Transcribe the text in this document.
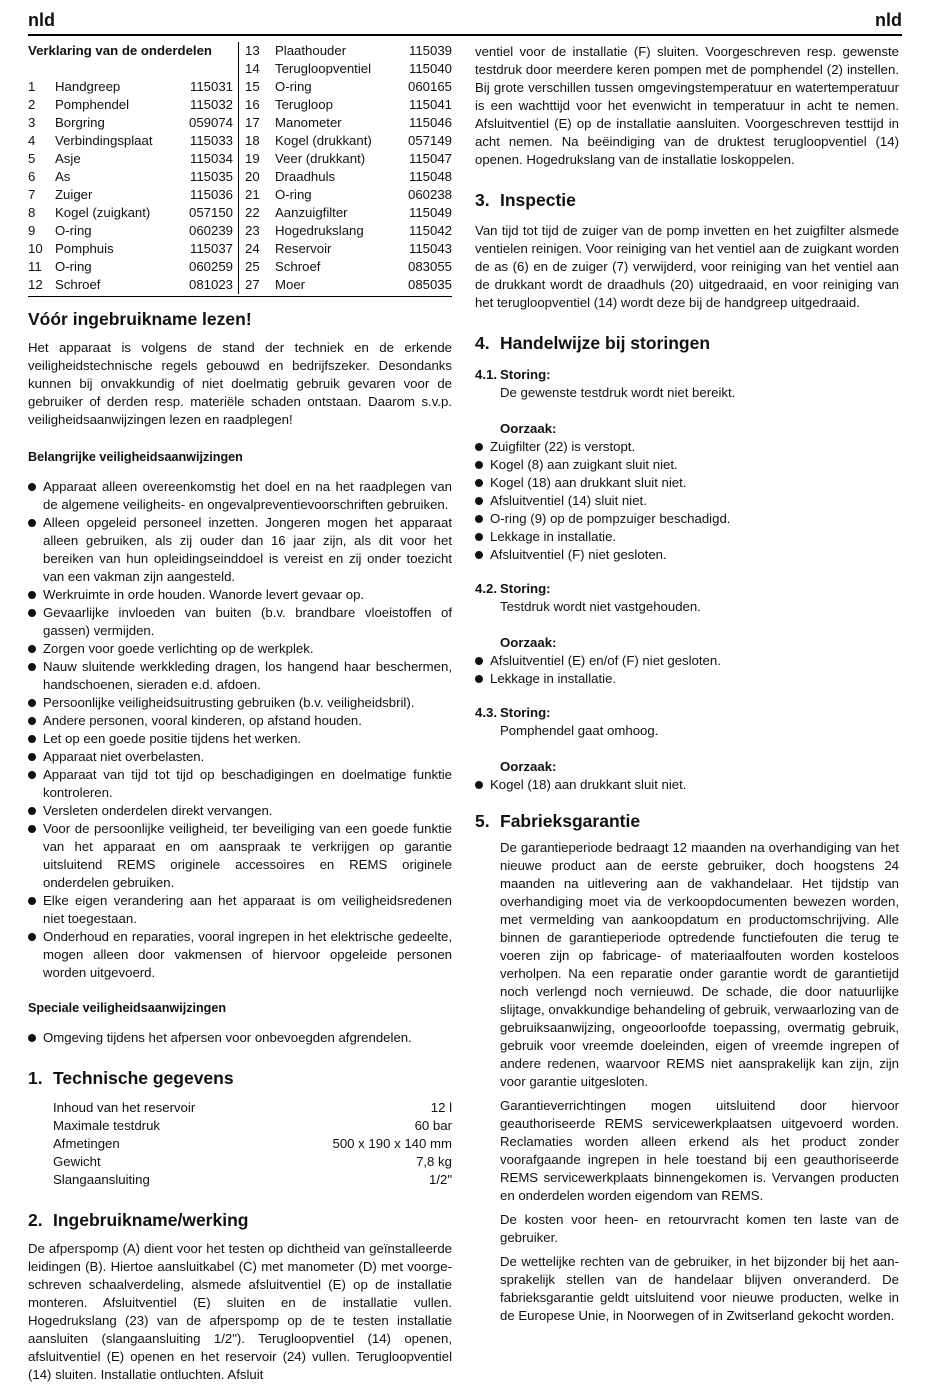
nld	nld
Verklaring van de onderdelen
1	Handgreep	115031
2	Pomphendel	115032
3	Borgring	059074
4	Verbindingsplaat	115033
5	Asje	115034
6	As	115035
7	Zuiger	115036
8	Kogel (zuigkant)	057150
9	O-ring	060239
10 Pomphuis	115037
11	O-ring	060259
12 Schroef	081023
13	Plaathouder	115039
14	Terugloopventiel	115040
15	O-ring	060165
16	Terugloop	115041
17	Manometer	115046
18	Kogel (drukkant)	057149
19	Veer (drukkant)	115047
20	Draadhuls	115048
21	O-ring	060238
22	Aanzuigfilter	115049
23	Hogedrukslang	115042
24	Reservoir	115043
25	Schroef	083055
27	Moer	085035
Vóór ingebruikname lezen!

Het apparaat is volgens de stand der techniek en de erkende veiligheidstechnische regels gebouwd en bedrijfszeker. Desondanks kunnen bij onvakkundig of niet doelmatig gebruik gevaren voor de gebruiker of derden resp. materiële schaden ontstaan. Daarom s.v.p. veiligheidsaanwijzingen lezen en raadplegen!

Belangrijke veiligheidsaanwijzingen
Apparaat alleen overeenkomstig het doel en na het raadplegen van de algemene veiligheits- en ongevalpreventievoorschriften gebruiken.
Alleen opgeleid personeel inzetten. Jongeren mogen het apparaat alleen gebruiken, als zij ouder dan 16 jaar zijn, als dit voor het bereiken van hun opleidingseinddoel is vereist en zij onder toezicht van een vakman zijn aangesteld.
Werkruimte in orde houden. Wanorde levert gevaar op.
Gevaarlijke invloeden van buiten (b.v. brandbare vloeistoffen of gassen) vermijden.
Zorgen voor goede verlichting op de werkplek.
Nauw sluitende werkkleding dragen, los hangend haar beschermen, handschoenen, sieraden e.d. afdoen.
Persoonlijke veiligheidsuitrusting gebruiken (b.v. veiligheidsbril).
Andere personen, vooral kinderen, op afstand houden.
Let op een goede positie tijdens het werken.
Apparaat niet overbelasten.
Apparaat van tijd tot tijd op beschadigingen en doelmatige funktie kontroleren.
Versleten onderdelen direkt vervangen.
Voor de persoonlijke veiligheid, ter beveiliging van een goede funktie van het apparaat en om aanspraak te verkrijgen op garantie uitsluitend REMS originele accessoires en REMS originele onderdelen gebruiken.
Elke eigen verandering aan het apparaat is om veiligheidsredenen niet toegestaan.
Onderhoud en reparaties, vooral ingrepen in het elektrische gedeelte, mogen alleen door vakmensen of hiervoor opgeleide personen worden uitgevoerd.
Speciale veiligheidsaanwijzingen
Omgeving tijdens het afpersen voor onbevoegden afgrendelen.
1. Technische gegevens
Inhoud van het reservoir	12 l
Maximale testdruk	60 bar
Afmetingen	500 x 190 x 140 mm
Gewicht	7,8 kg
Slangaansluiting	1/2"
2. Ingebruikname/werking

De afperspomp (A) dient voor het testen op dichtheid van geïnstalleerde leidingen (B). Hiertoe aansluitkabel (C) met manometer (D) met voorgeschreven schaalverdeling, alsmede afsluitventiel (E) op de installatie monteren. Afsluitventiel (E) sluiten en de installatie vullen. Hogedrukslang (23) van de afperspomp op de te testen installatie aansluiten (slangaansluiting 1/2"). Terugloopventiel (14) openen, afsluitventiel (E) openen en het reservoir (24) vullen. Terugloopventiel (14) sluiten. Installatie ontluchten. Afsluit

ventiel voor de installatie (F) sluiten. Voorgeschreven resp. gewenste testdruk door meerdere keren pompen met de pomphendel (2) instellen. Bij grote verschillen tussen omgevingstemperatuur en watertemperatuur is een wachttijd voor het evenwicht in temperatuur in acht te nemen. Afsluitventiel (E) op de installatie aansluiten. Voorgeschreven testtijd in acht nemen. Na beëindiging van de druktest terugloopventiel (14) openen. Hogedrukslang van de installatie loskoppelen.

3. Inspectie

Van tijd tot tijd de zuiger van de pomp invetten en het zuigfilter alsmede ventielen reinigen. Voor reiniging van het ventiel aan de zuigkant worden de as (6) en de zuiger (7) verwijderd, voor reiniging van het ventiel aan de drukkant wordt de draadhuls (20) uitgedraaid, en voor reiniging van het terugloopventiel (14) wordt deze bij de handgreep uitgedraaid.

4. Handelwijze bij storingen
4.1. Storing:
De gewenste testdruk wordt niet bereikt.
Oorzaak:
Zuigfilter (22) is verstopt.
Kogel (8) aan zuigkant sluit niet.
Kogel (18) aan drukkant sluit niet.
Afsluitventiel (14) sluit niet.
O-ring (9) op de pompzuiger beschadigd.
Lekkage in installatie.
Afsluitventiel (F) niet gesloten.
4.2. Storing:
Testdruk wordt niet vastgehouden.
Oorzaak:
Afsluitventiel (E) en/of (F) niet gesloten.
Lekkage in installatie.
4.3. Storing:
Pomphendel gaat omhoog.
Oorzaak:
Kogel (18) aan drukkant sluit niet.
5. Fabrieksgarantie

De garantieperiode bedraagt 12 maanden na overhandiging van het nieuwe product aan de eerste gebruiker, doch hoogstens 24 maanden na uitlevering aan de vakhandelaar. Het tijdstip van overhandiging moet via de verkoopdocumenten bewezen worden, met vermelding van aankoopdatum en productomschrijving. Alle binnen de garantieperiode optredende functiefouten die terug te voeren zijn op fabricage- of materiaalfouten worden kosteloos verholpen. Na een reparatie onder garantie wordt de garantietijd noch verlengd noch vernieuwd. De schade, die door natuurlijke slijtage, onvakkundige behandeling of gebruik, verwaarlozing van de gebruiksaanwijzing, ongeoorloofde toepassing, overmatig gebruik, gebruik voor vreemde doeleinden, eigen of vreemde ingrepen of andere redenen, waarvoor REMS niet aansprakelijk kan zijn, zijn voor garantie uitgesloten.

Garantieverrichtingen mogen uitsluitend door hiervoor geauthoriseerde REMS servicewerkplaatsen uitgevoerd worden. Reclamaties worden alleen erkend als het product zonder voorafgaande ingrepen in hele toestand bij een geauthoriseerde REMS servicewerkplaats binnengekomen is. Vervangen producten en onderdelen worden eigendom van REMS.

De kosten voor heen- en retourvracht komen ten laste van de gebruiker.

De wettelijke rechten van de gebruiker, in het bijzonder bij het aansprakelijk stellen van de handelaar blijven onveranderd. De fabrieksgarantie geldt uitsluitend voor nieuwe producten, welke in de Europese Unie, in Noorwegen of in Zwitserland gekocht worden.
